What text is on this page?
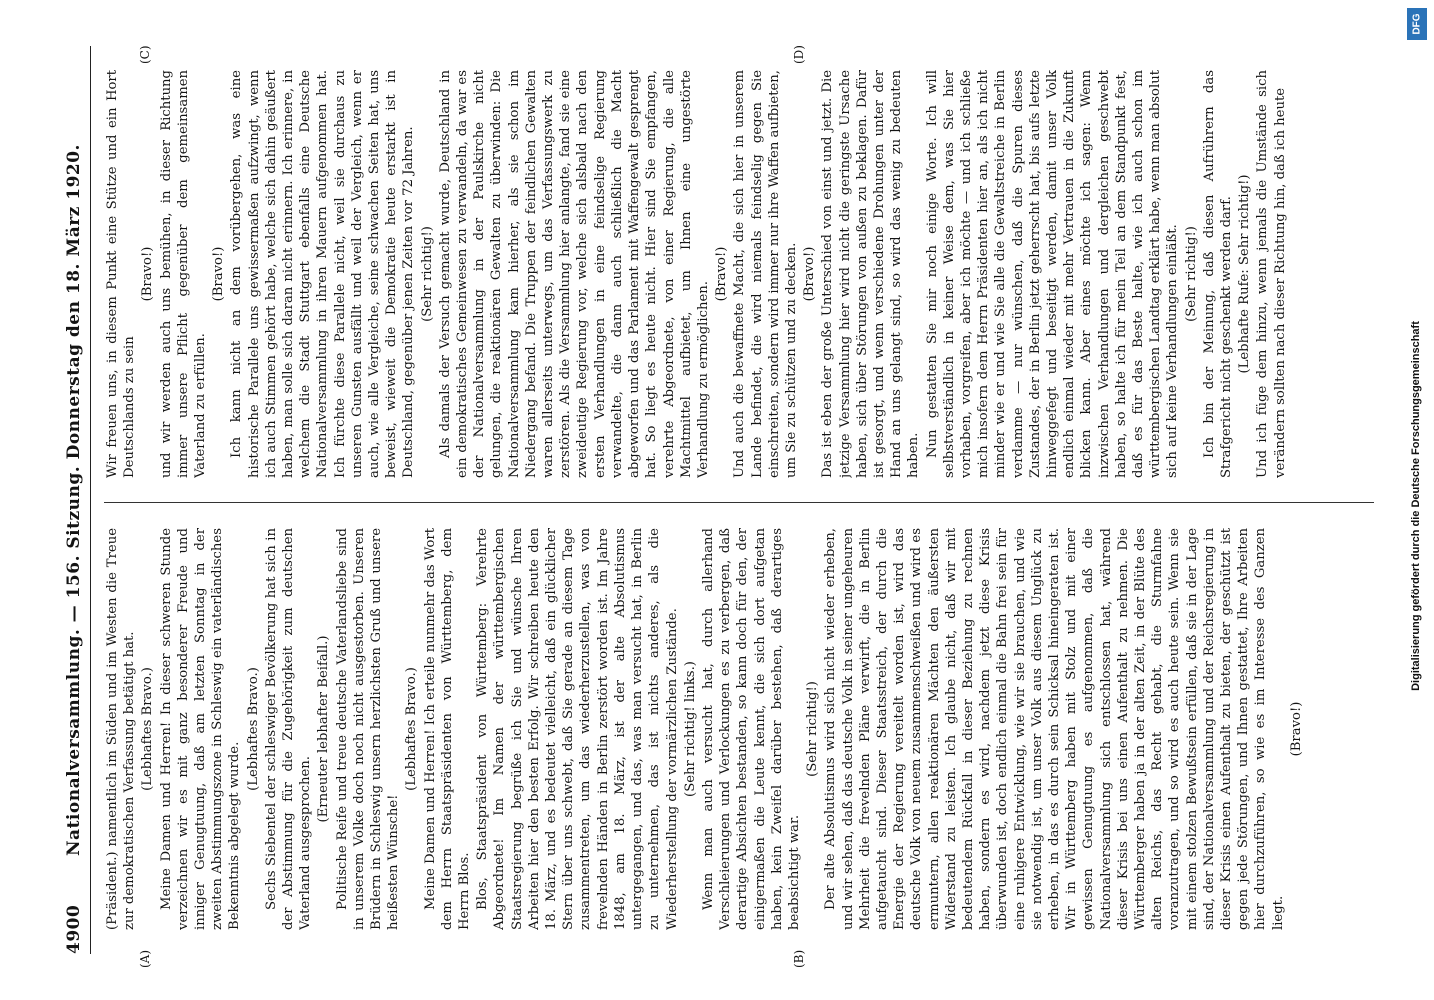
4900
Nationalversammlung. — 156. Sitzung. Donnerstag den 18. März 1920.
(A)	(B)
(C)	(D)

(Präsident.) namentlich im Süden und im Westen die Treue zur demokratischen Verfassung betätigt hat. (Lebhaftes Bravo.) Meine Damen und Herren! In dieser schweren Stunde verzeichnen wir es mit ganz besonderer Freude und inniger Genugtuung, daß am letzten Sonntag in der zweiten Abstimmungszone in Schleswig ein vaterländisches Bekenntnis abgelegt wurde.

(Lebhaftes Bravo.) Sechs Siebentel der schleswiger Bevölkerung hat sich in der Abstimmung für die Zugehörigkeit zum deutschen Vaterland ausgesprochen.

(Erneuter lebhafter Beifall.) Politische Reife und treue deutsche Vaterlandsliebe sind in unserem Volke doch noch nicht ausgestorben. Unseren Brüdern in Schleswig unsern herzlichsten Gruß und unsere heißesten Wünsche!

(Lebhaftes Bravo.) Meine Damen und Herren! Ich erteile nunmehr das Wort dem Herrn Staatspräsidenten von Württemberg, dem Herrn Blos. Blos, Staatspräsident von Württemberg: Verehrte Abgeordnete! Im Namen der württembergischen Staatsregierung begrüße ich Sie und wünsche Ihren Arbeiten hier den besten Erfolg. Wir schreiben heute den 18. März, und es bedeutet vielleicht, daß ein glücklicher Stern über uns schwebt, daß Sie gerade an diesem Tage zusammentreten, um das wiederherzustellen, was von frevelnden Händen in Berlin zerstört worden ist. Im Jahre 1848, am 18. März, ist der alte Absolutismus untergegangen, und das, was man versucht hat, in Berlin zu unternehmen, das ist nichts anderes, als die Wiederherstellung der vormärzlichen Zustände. (Sehr richtig! links.) Wenn man auch versucht hat, durch allerhand Verschleierungen und Verlockungen es zu verbergen, daß derartige Absichten bestanden, so kann doch für den, der einigermaßen die Leute kennt, die sich dort aufgetan haben, kein Zweifel darüber bestehen, daß derartiges beabsichtigt war.

(Sehr richtig!) Der alte Absolutismus wird sich nicht wieder erheben, und wir sehen, daß das deutsche Volk in seiner ungeheuren Mehrheit die frevelnden Pläne verwirft, die in Berlin aufgetaucht sind. Dieser Staatsstreich, der durch die Energie der Regierung vereitelt worden ist, wird das deutsche Volk von neuem zusammenschweißen und wird es ermuntern, allen reaktionären Mächten den äußersten Widerstand zu leisten. Ich glaube nicht, daß wir mit bedeutendem Rückfall in dieser Beziehung zu rechnen haben, sondern es wird, nachdem jetzt diese Krisis überwunden ist, doch endlich einmal die Bahn frei sein für eine ruhigere Entwicklung, wie wir sie brauchen, und wie sie notwendig ist, um unser Volk aus diesem Unglück zu erheben, in das es durch sein Schicksal hineingeraten ist. Wir in Württemberg haben mit Stolz und mit einer gewissen Genugtuung es aufgenommen, daß die Nationalversammlung sich entschlossen hat, während dieser Krisis bei uns einen Aufenthalt zu nehmen. Die Württemberger haben ja in der alten Zeit, in der Blüte des alten Reichs, das Recht gehabt, die Sturmfahne voranzutragen, und so wird es auch heute sein. Wenn sie mit einem stolzen Bewußtsein erfüllen, daß sie in der Lage sind, der Nationalversammlung und der Reichsregierung in dieser Krisis einen Aufenthalt zu bieten, der geschützt ist gegen jede Störungen, und Ihnen gestattet, Ihre Arbeiten hier durchzuführen, so wie es im Interesse des Ganzen liegt.

(Bravo!)

Wir freuen uns, in diesem Punkt eine Stütze und ein Hort Deutschlands zu sein

(Bravo!) und wir werden auch uns bemühen, in dieser Richtung immer unsere Pflicht gegenüber dem gemeinsamen Vaterland zu erfüllen.

(Bravo!) Ich kann nicht an dem vorübergehen, was eine historische Parallele uns gewissermaßen aufzwingt, wenn ich auch Stimmen gehört habe, welche sich dahin geäußert haben, man solle sich daran nicht erinnern. Ich erinnere, in welchem die Stadt Stuttgart ebenfalls eine Deutsche Nationalversammlung in ihren Mauern aufgenommen hat. Ich fürchte diese Parallele nicht, weil sie durchaus zu unseren Gunsten ausfällt und weil der Vergleich, wenn er auch, wie alle Vergleiche, seine schwachen Seiten hat, uns beweist, wieweit die Demokratie heute erstarkt ist in Deutschland, gegenüber jenen Zeiten vor 72 Jahren. (Sehr richtig!) Als damals der Versuch gemacht wurde, Deutschland in ein demokratisches Gemeinwesen zu verwandeln, da war es der Nationalversammlung in der Paulskirche nicht gelungen, die reaktionären Gewalten zu überwinden: Die Nationalversammlung kam hierher, als sie schon im Niedergang befand. Die Truppen der feindlichen Gewalten waren allerseits unterwegs, um das Verfassungswerk zu zerstören. Als die Versammlung hier anlangte, fand sie eine zweideutige Regierung vor, welche sich alsbald nach den ersten Verhandlungen in eine feindselige Regierung verwandelte, die dann auch schließlich die Macht abgeworfen und das Parlament mit Waffengewalt gesprengt hat. So liegt es heute nicht. Hier sind Sie empfangen, verehrte Abgeordnete, von einer Regierung, die alle Machtmittel aufbietet, um Ihnen eine ungestörte Verhandlung zu ermöglichen.

(Bravo!) Und auch die bewaffnete Macht, die sich hier in unserem Lande befindet, die wird niemals feindselig gegen Sie einschreiten, sondern wird immer nur ihre Waffen aufbieten, um Sie zu schützen und zu decken. (Bravo!) Das ist eben der große Unterschied von einst und jetzt. Die jetzige Versammlung hier wird nicht die geringste Ursache haben, sich über Störungen von außen zu beklagen. Dafür ist gesorgt, und wenn verschiedene Drohungen unter der Hand an uns gelangt sind, so wird das wenig zu bedeuten haben. Nun gestatten Sie mir noch einige Worte. Ich will selbstverständlich in keiner Weise dem, was Sie hier vorhaben, vorgreifen, aber ich möchte — und ich schließe mich insofern dem Herrn Präsidenten hier an, als ich nicht minder wie er und wie Sie alle die Gewaltstreiche in Berlin verdamme — nur wünschen, daß die Spuren dieses Zustandes, der in Berlin jetzt geherrscht hat, bis aufs letzte hinweggefegt und beseitigt werden, damit unser Volk endlich einmal wieder mit mehr Vertrauen in die Zukunft blicken kann. Aber eines möchte ich sagen: Wenn inzwischen Verhandlungen und dergleichen geschwebt haben, so halte ich für mein Teil an dem Standpunkt fest, daß es für das Beste halte, wie ich auch schon im württembergischen Landtag erklärt habe, wenn man absolut sich auf keine Verhandlungen einläßt. (Sehr richtig!) Ich bin der Meinung, daß diesen Aufrührern das Strafgericht nicht geschenkt werden darf. (Lebhafte Rufe: Sehr richtig!) Und ich füge dem hinzu, wenn jemals die Umstände sich verändern sollten nach dieser Richtung hin, daß ich heute

Digitalisierung gefördert durch die Deutsche Forschungsgemeinschaft
DFG
